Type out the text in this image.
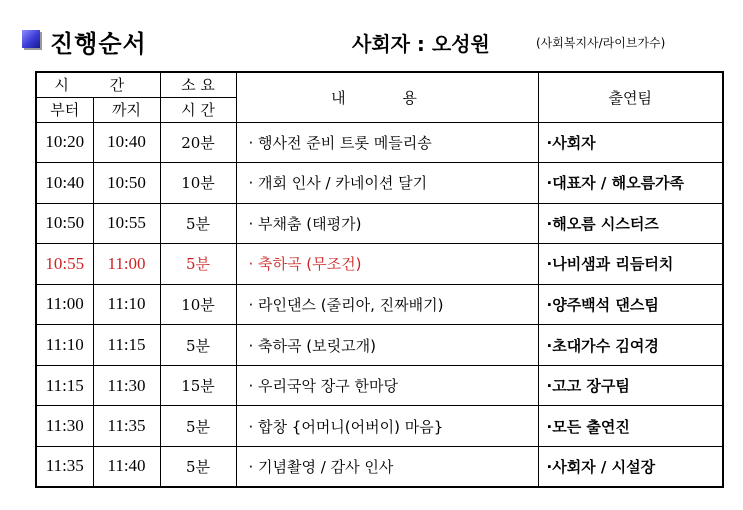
진행순서	사회자 : 오성원	(사회복지사/라이브가수)
시 간		소 요	내 용	출연팀
부터	까지	시 간		
10:20	10:40	20분	· 행사전 준비 트롯 메들리송	·사회자
10:40	10:50	10분	· 개회 인사 / 카네이션 달기	·대표자 / 해오름가족
10:50	10:55	5분	· 부채춤 (태평가)	·해오름 시스터즈
10:55	11:00	5분	· 축하곡 (무조건)	·나비샘과 리듬터치
11:00	11:10	10분	· 라인댄스 (줄리아, 진짜배기)	·양주백석 댄스팀
11:10	11:15	5분	· 축하곡 (보릿고개)	·초대가수 김여경
11:15	11:30	15분	· 우리국악 장구 한마당	·고고 장구팀
11:30	11:35	5분	· 합창 {어머니(어버이) 마음}	·모든 출연진
11:35	11:40	5분	· 기념촬영 / 감사 인사	·사회자 / 시설장
